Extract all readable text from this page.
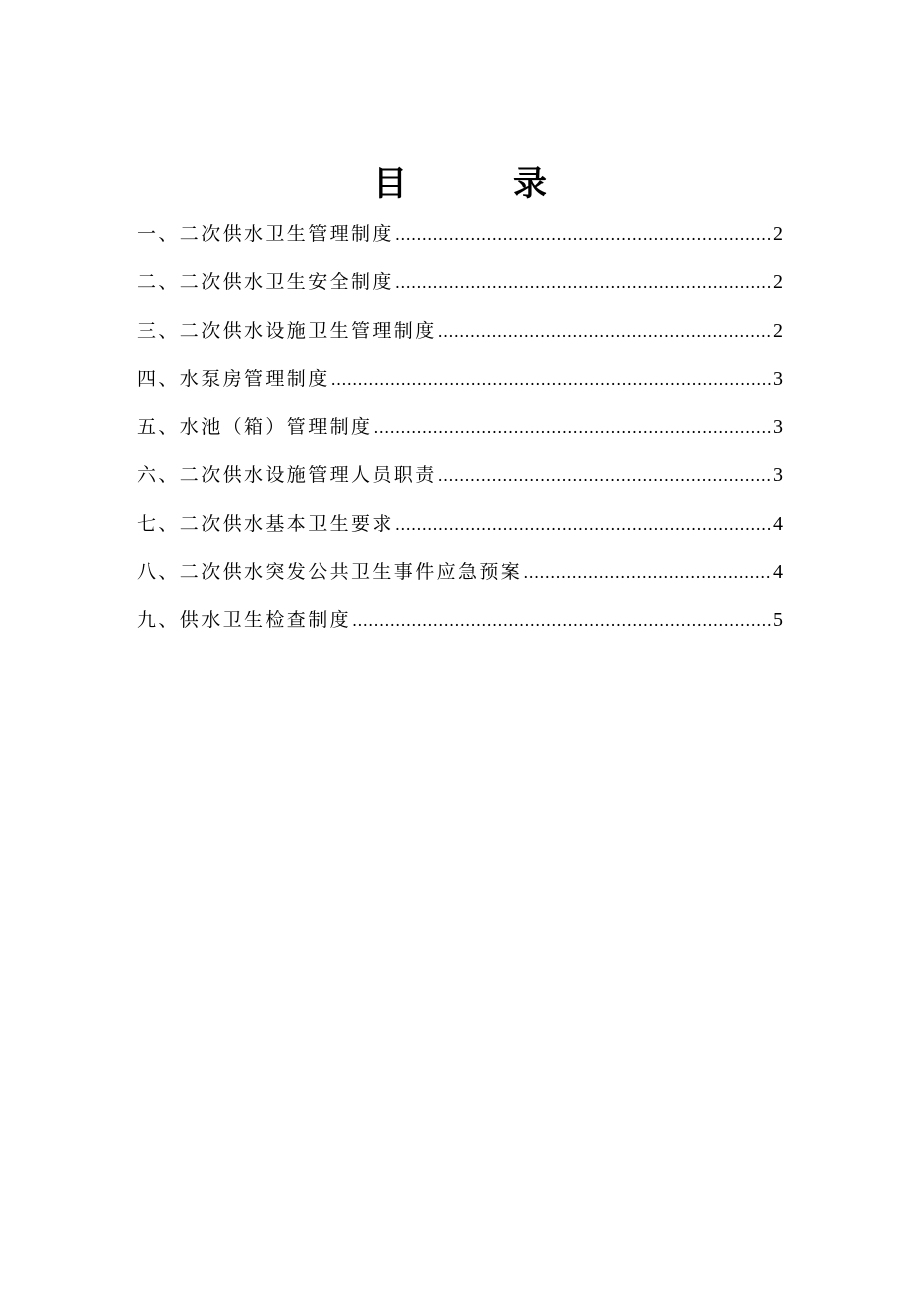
目　录
一、二次供水卫生管理制度 .....	2
二、二次供水卫生安全制度 .....	2
三、二次供水设施卫生管理制度 .....	2
四、水泵房管理制度 .....	3
五、水池（箱）管理制度 .....	3
六、二次供水设施管理人员职责 .....	3
七、二次供水基本卫生要求 .....	4
八、二次供水突发公共卫生事件应急预案 .....	4
九、供水卫生检查制度 .....	5
